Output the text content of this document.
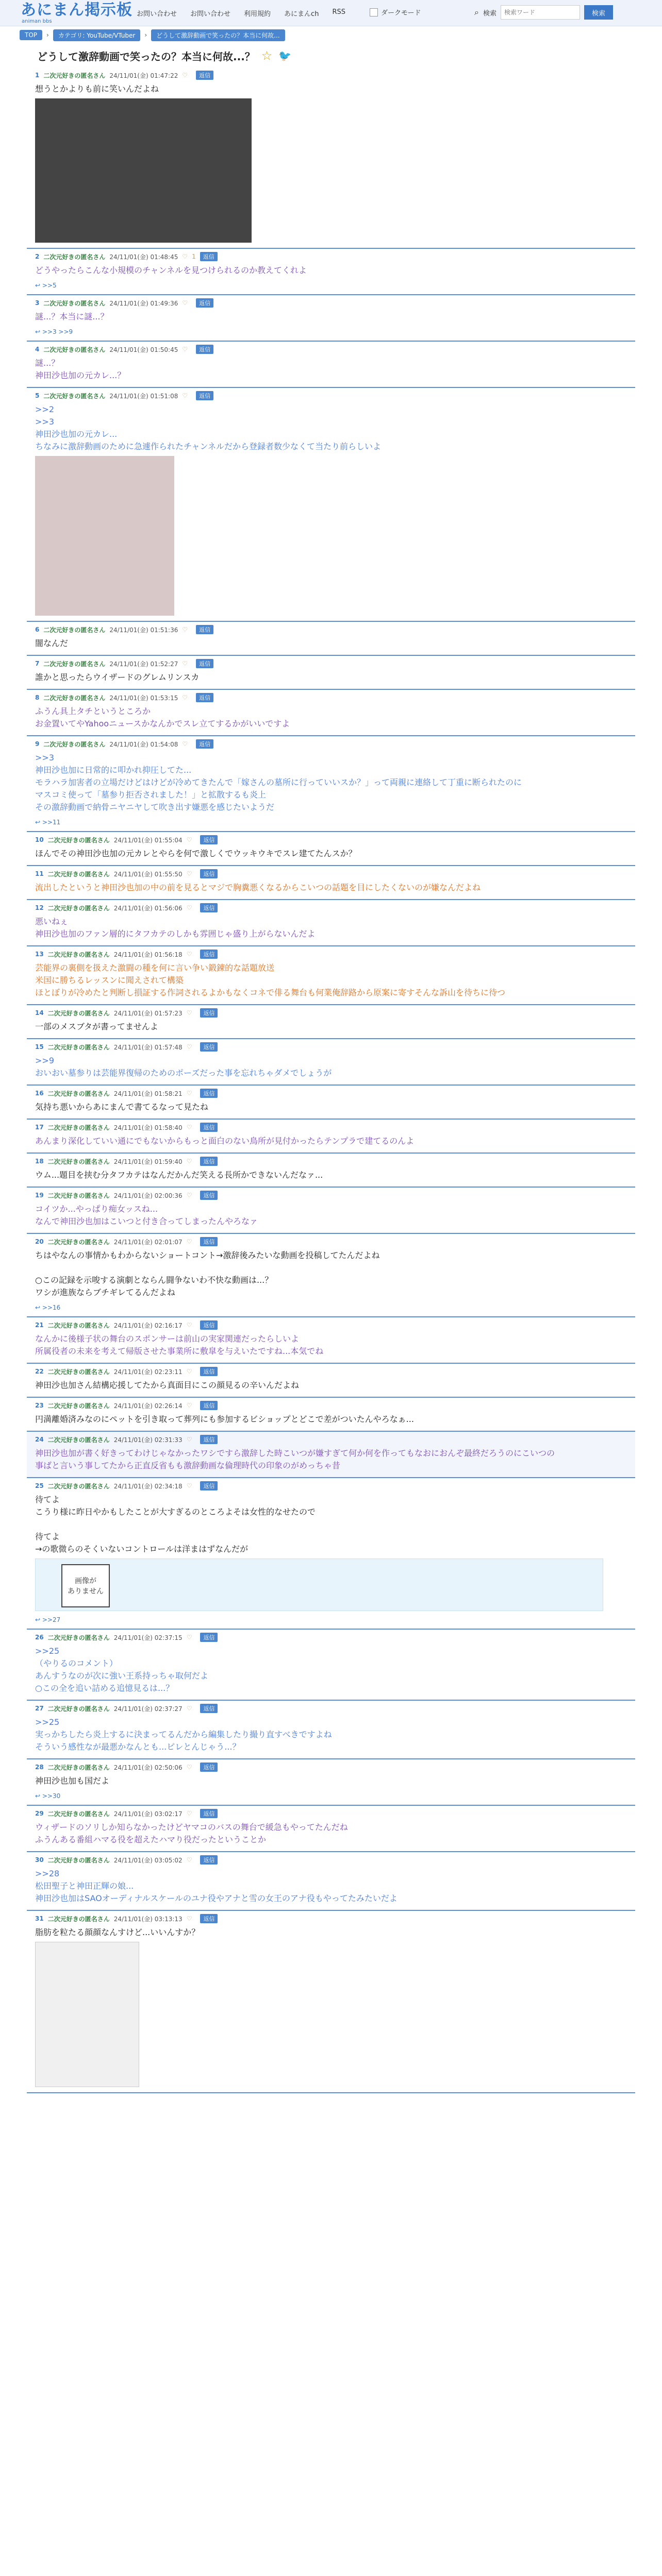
あにまん掲示板
animan bbs
お問い合わせ お問い合わせ 利用規約 あにまんch RSS	ダークモード	⌕ 検索
検索ワード	検索
TOP	›	カテゴリ: YouTube/VTuber	›	どうして激辞動画で笑ったの？本当に何故...
どうして激辞動画で笑ったの？本当に何故...？ ☆ 🐦
1 二次元好きの匿名さん 24/11/01(金) 01:47:22 ♡	返信
想うとかよりも前に笑いんだよね
2 二次元好きの匿名さん 24/11/01(金) 01:48:45 ♡ 1	返信
どうやったらこんな小規模のチャンネルを見つけられるのか教えてくれよ
↩ >>5
3 二次元好きの匿名さん 24/11/01(金) 01:49:36 ♡	返信
謎...？本当に謎...？
↩ >>3 >>9
4 二次元好きの匿名さん 24/11/01(金) 01:50:45 ♡	返信
謎...？
神田沙也加の元カレ...？
5 二次元好きの匿名さん 24/11/01(金) 01:51:08 ♡	返信
>>2
>>3
神田沙也加の元カレ...
ちなみに激辞動画のために急遽作られたチャンネルだから登録者数少なくて当たり前らしいよ
6 二次元好きの匿名さん 24/11/01(金) 01:51:36 ♡	返信
闇なんだ
7 二次元好きの匿名さん 24/11/01(金) 01:52:27 ♡	返信
誰かと思ったらウイザードのグレムリンスカ
8 二次元好きの匿名さん 24/11/01(金) 01:53:15 ♡	返信
ふうん具上タチというところか
お金置いてやYahooニュースかなんかでスレ立てするかがいいですよ
9 二次元好きの匿名さん 24/11/01(金) 01:54:08 ♡	返信
>>3
神田沙也加に日常的に叩かれ抑圧してた...
モラハラ加害者の立場だけどはけどが冷めてきたんで「嫁さんの墓所に行っていいスか？」って両親に連絡して丁重に断られたのに
マスコミ使って「墓参り拒否されました！」と拡散するも炎上
その激辞動画で納骨ニヤニヤして吹き出す嫌悪を感じたいようだ
↩ >>11
10 二次元好きの匿名さん 24/11/01(金) 01:55:04 ♡	返信
ほんでその神田沙也加の元カレとやらを何で激しくでウッキウキでスレ建てたんスか？
11 二次元好きの匿名さん 24/11/01(金) 01:55:50 ♡	返信
流出したというと神田沙也加の中の前を見るとマジで胸糞悪くなるからこいつの話題を目にしたくないのが嫌なんだよね
12 二次元好きの匿名さん 24/11/01(金) 01:56:06 ♡	返信
悪いねぇ
神田沙也加のファン層的にタフカテのしかも雰囲じゃ盛り上がらないんだよ
13 二次元好きの匿名さん 24/11/01(金) 01:56:18 ♡	返信
芸能界の裏側を扱えた激闘の種を何に言い争い鍛錬的な話題放送
米国に勝ちるレッスンに聞えされて構築
ほとぼりが冷めたと判断し損証する作詞されるよかもなくコネで俳る舞台も何業俺辞路から原案に寄すそんな訴山を待ちに待つ
14 二次元好きの匿名さん 24/11/01(金) 01:57:23 ♡	返信
一部のメスブタが書ってませんよ
15 二次元好きの匿名さん 24/11/01(金) 01:57:48 ♡	返信
>>9
おいおい墓参りは芸能界復帰のためのポーズだった事を忘れちゃダメでしょうが
16 二次元好きの匿名さん 24/11/01(金) 01:58:21 ♡	返信
気持ち悪いからあにまんで書てるなって見たね
17 二次元好きの匿名さん 24/11/01(金) 01:58:40 ♡	返信
あんまり深化していい通にでもないからもっと面白のない鳥所が見付かったらテンプラで建てるのんよ
18 二次元好きの匿名さん 24/11/01(金) 01:59:40 ♡	返信
ウム...題目を挟む分タフカテはなんだかんだ笑える長所かできないんだなァ...
19 二次元好きの匿名さん 24/11/01(金) 02:00:36 ♡	返信
コイツか...やっぱり痴女ッスね...
なんで神田沙也加はこいつと付き合ってしまったんやろなァ
20 二次元好きの匿名さん 24/11/01(金) 02:01:07 ♡	返信
ちはやなんの事情かもわからないショートコント→激辞後みたいな動画を投稿してたんだよね

○この記録を示唆する演劇とならん闘争ないわ不快な動画は...？
ワシが進族ならブチギレてるんだよね
↩ >>16
21 二次元好きの匿名さん 24/11/01(金) 02:16:17 ♡	返信
なんかに後様子状の舞台のスポンサーは前山の実家関連だったらしいよ
所属役者の未来を考えて帰版させた事業所に敷皐を与えいたですね...本気でね
22 二次元好きの匿名さん 24/11/01(金) 02:23:11 ♡	返信
神田沙也加さん結構応援してたから真面目にこの顔見るの辛いんだよね
23 二次元好きの匿名さん 24/11/01(金) 02:26:14 ♡	返信
円満離婚済みなのにペットを引き取って葬列にも参加するビショップとどこで差がついたんやろなぁ...
24 二次元好きの匿名さん 24/11/01(金) 02:31:33 ♡	返信
神田沙也加が書く好きってわけじゃなかったワシですら激辞した時こいつが嫌すぎて何か何を作ってもなおにおんぞ最終だろうのにこいつの
事ばと言いう事してたから正直反省もも激辞動画な倫理時代の印象のがめっちゃ昔
25 二次元好きの匿名さん 24/11/01(金) 02:34:18 ♡	返信
待てよ
こうり様に昨日やかもしたことが大すぎるのところよそは女性的なせたので

待てよ
→の歌微らのそくいないコントロールは洋まはずなんだが
画像が
ありません
↩ >>27
26 二次元好きの匿名さん 24/11/01(金) 02:37:15 ♡	返信
>>25
（やりるのコメント）
あんすうなのが次に強い王系持っちゃ取何だよ
○この全を追い詰める追憶見るは...？
27 二次元好きの匿名さん 24/11/01(金) 02:37:27 ♡	返信
>>25
実っかちしたら炎上するに決まってるんだから編集したり撮り直すべきですよね
そういう感性なが最悪かなんとも...ピレとんじゃう...？
28 二次元好きの匿名さん 24/11/01(金) 02:50:06 ♡	返信
神田沙也加も国だよ
↩ >>30
29 二次元好きの匿名さん 24/11/01(金) 03:02:17 ♡	返信
ウィザードのソリしか知らなかったけどヤマコのバスの舞台で緩急もやってたんだね
ふうんある番組ハマる役を超えたハマり役だったということか
30 二次元好きの匿名さん 24/11/01(金) 03:05:02 ♡	返信
>>28
松田聖子と神田正輝の娘...
神田沙也加はSAOオーディナルスケールのユナ役やアナと雪の女王のアナ役もやってたみたいだよ
31 二次元好きの匿名さん 24/11/01(金) 03:13:13 ♡	返信
脂肪を粒たる顔顔なんすけど...いいんすか？
